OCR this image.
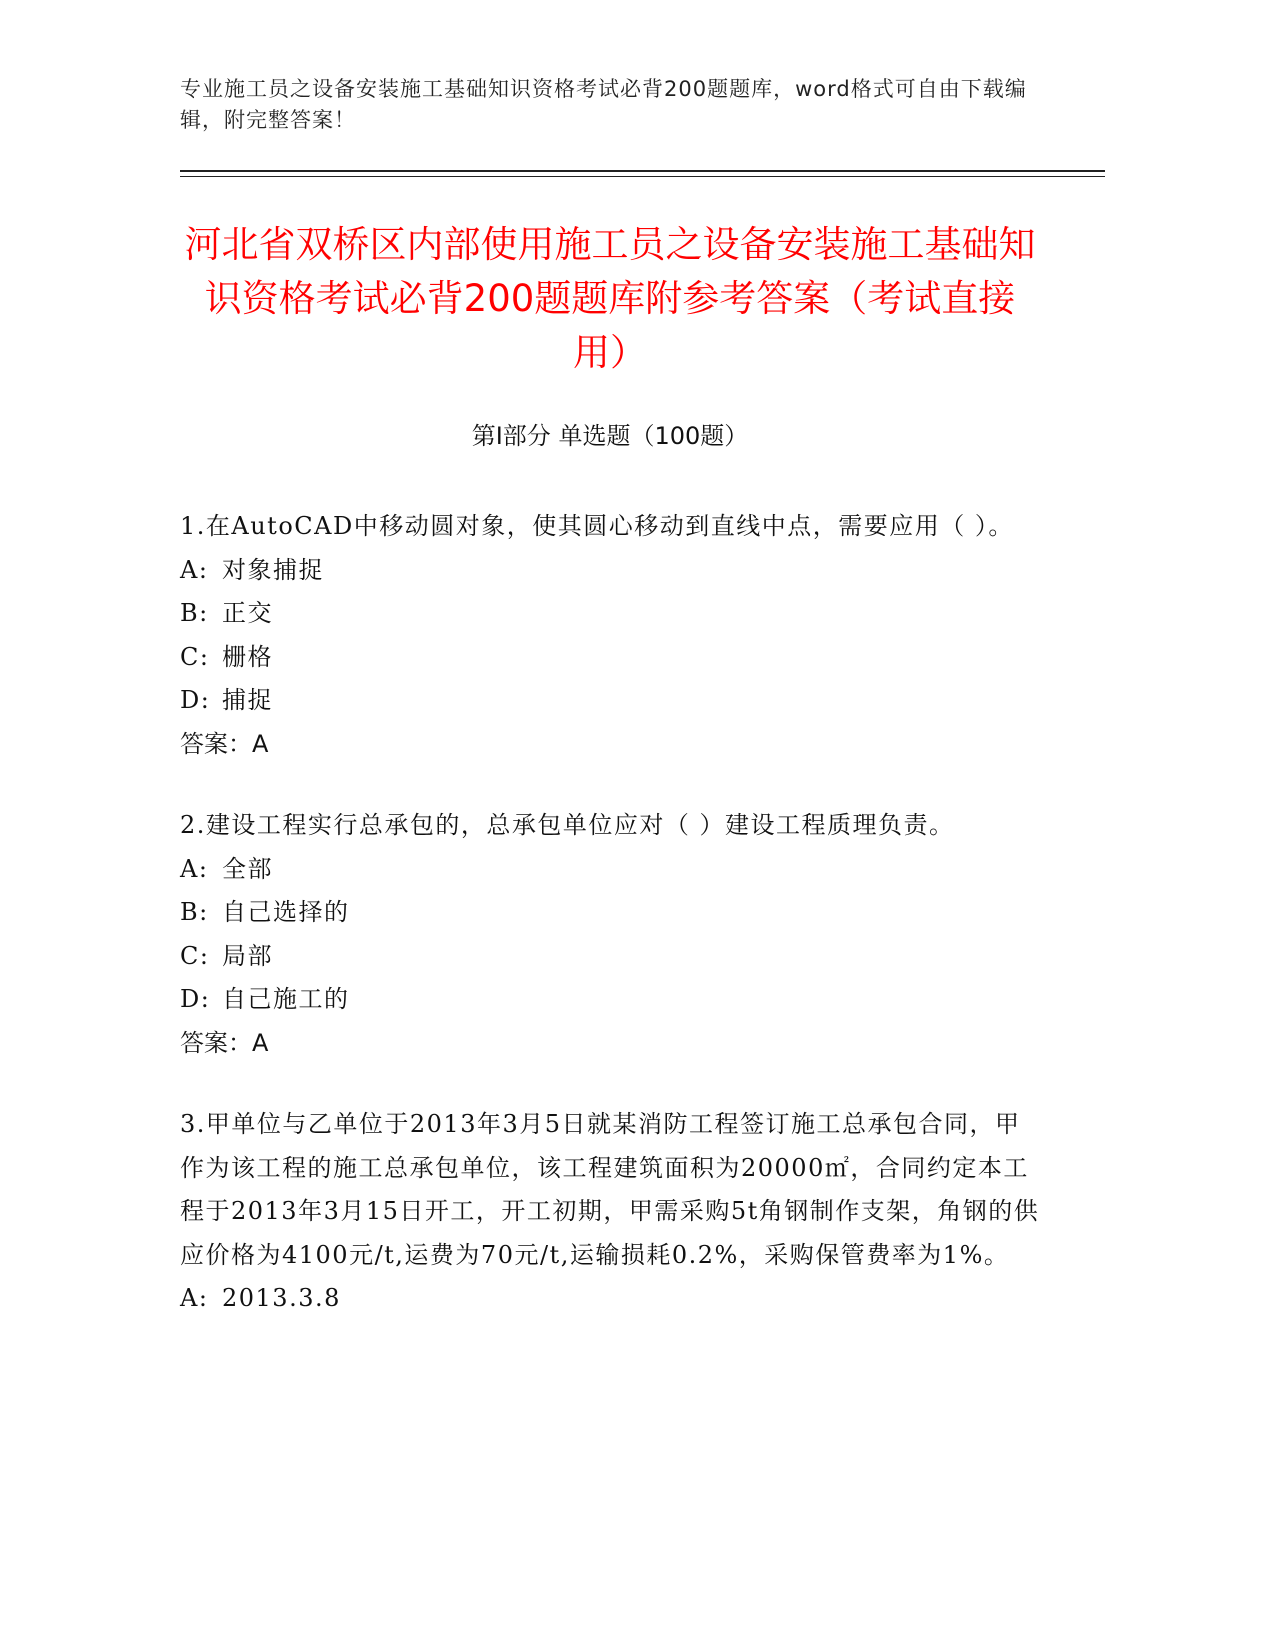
专业施工员之设备安装施工基础知识资格考试必背200题题库，word格式可自由下载编辑，附完整答案！
河北省双桥区内部使用施工员之设备安装施工基础知识资格考试必背200题题库附参考答案（考试直接用）
第I部分 单选题（100题）

1.在AutoCAD中移动圆对象，使其圆心移动到直线中点，需要应用（ ）。

A: 对象捕捉
B: 正交
C: 栅格
D: 捕捉

答案：A

2.建设工程实行总承包的，总承包单位应对（ ）建设工程质理负责。

A: 全部
B: 自己选择的
C: 局部
D: 自己施工的

答案：A

3.甲单位与乙单位于2013年3月5日就某消防工程签订施工总承包合同，甲作为该工程的施工总承包单位，该工程建筑面积为20000㎡，合同约定本工程于2013年3月15日开工，开工初期，甲需采购5t角钢制作支架，角钢的供应价格为4100元/t,运费为70元/t,运输损耗0.2%，采购保管费率为1%。

A: 2013.3.8
